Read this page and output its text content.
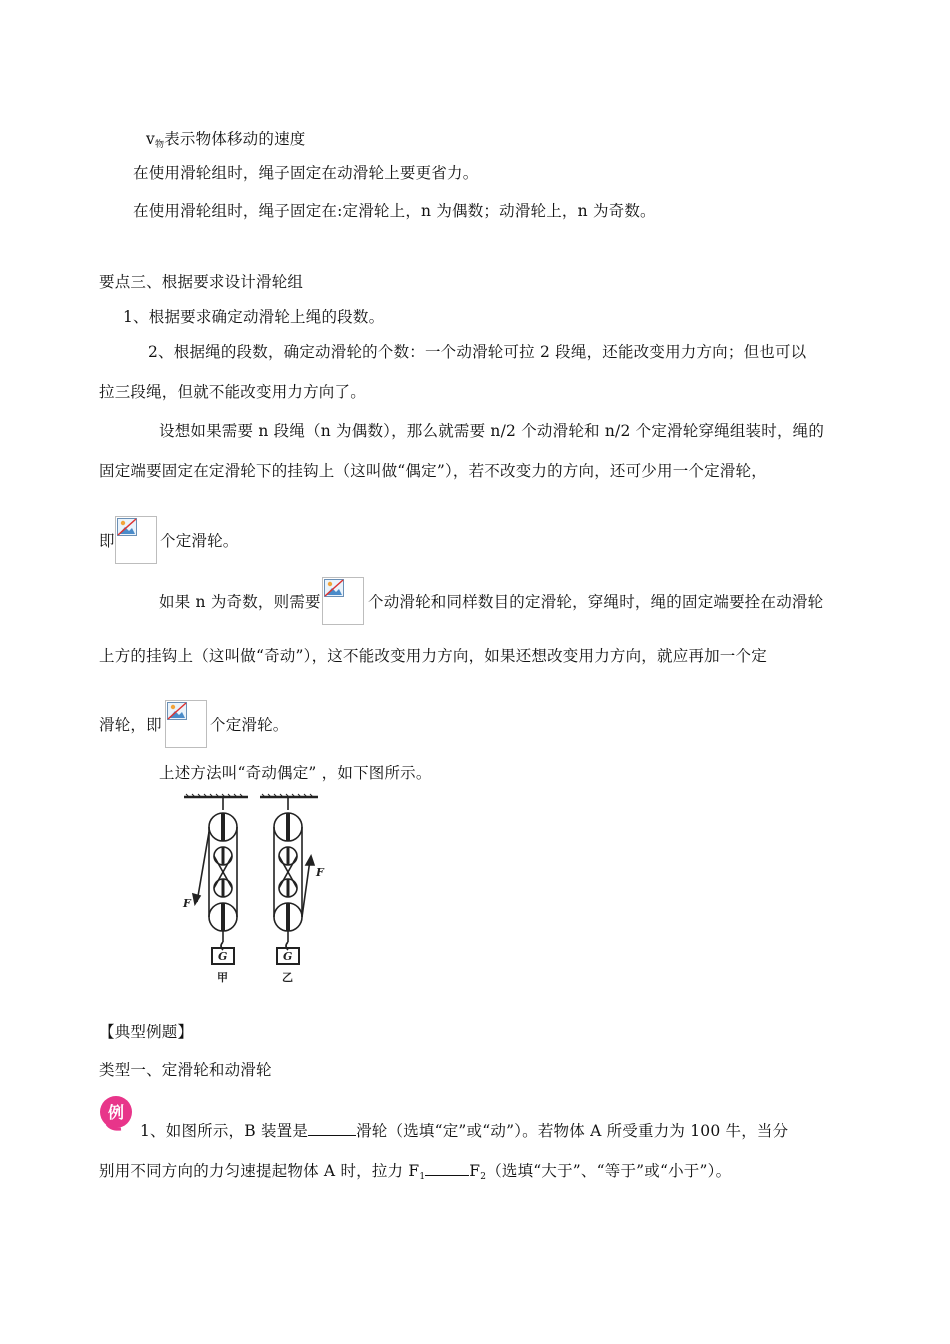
v物表示物体移动的速度
在使用滑轮组时，绳子固定在动滑轮上要更省力。
在使用滑轮组时，绳子固定在:定滑轮上，n 为偶数；动滑轮上，n 为奇数。
要点三、根据要求设计滑轮组
1、根据要求确定动滑轮上绳的段数。
2、根据绳的段数，确定动滑轮的个数：一个动滑轮可拉 2 段绳，还能改变用力方向；但也可以
拉三段绳，但就不能改变用力方向了。
设想如果需要 n 段绳（n 为偶数），那么就需要 n/2 个动滑轮和 n/2 个定滑轮穿绳组装时，绳的
固定端要固定在定滑轮下的挂钩上（这叫做“偶定”），若不改变力的方向，还可少用一个定滑轮，
即	个定滑轮。
如果 n 为奇数，则需要	个动滑轮和同样数目的定滑轮，穿绳时，绳的固定端要拴在动滑轮
上方的挂钩上（这叫做“奇动”），这不能改变用力方向，如果还想改变用力方向，就应再加一个定
滑轮，即	个定滑轮。
上述方法叫“奇动偶定” ，如下图所示。
F
F
G	G
甲	乙
【典型例题】
类型一、定滑轮和动滑轮
例
1、如图所示，B 装置是	滑轮（选填“定”或“动”）。若物体 A 所受重力为 100 牛，当分
别用不同方向的力匀速提起物体 A 时，拉力 F1	F2（选填“大于”、“等于”或“小于”）。
